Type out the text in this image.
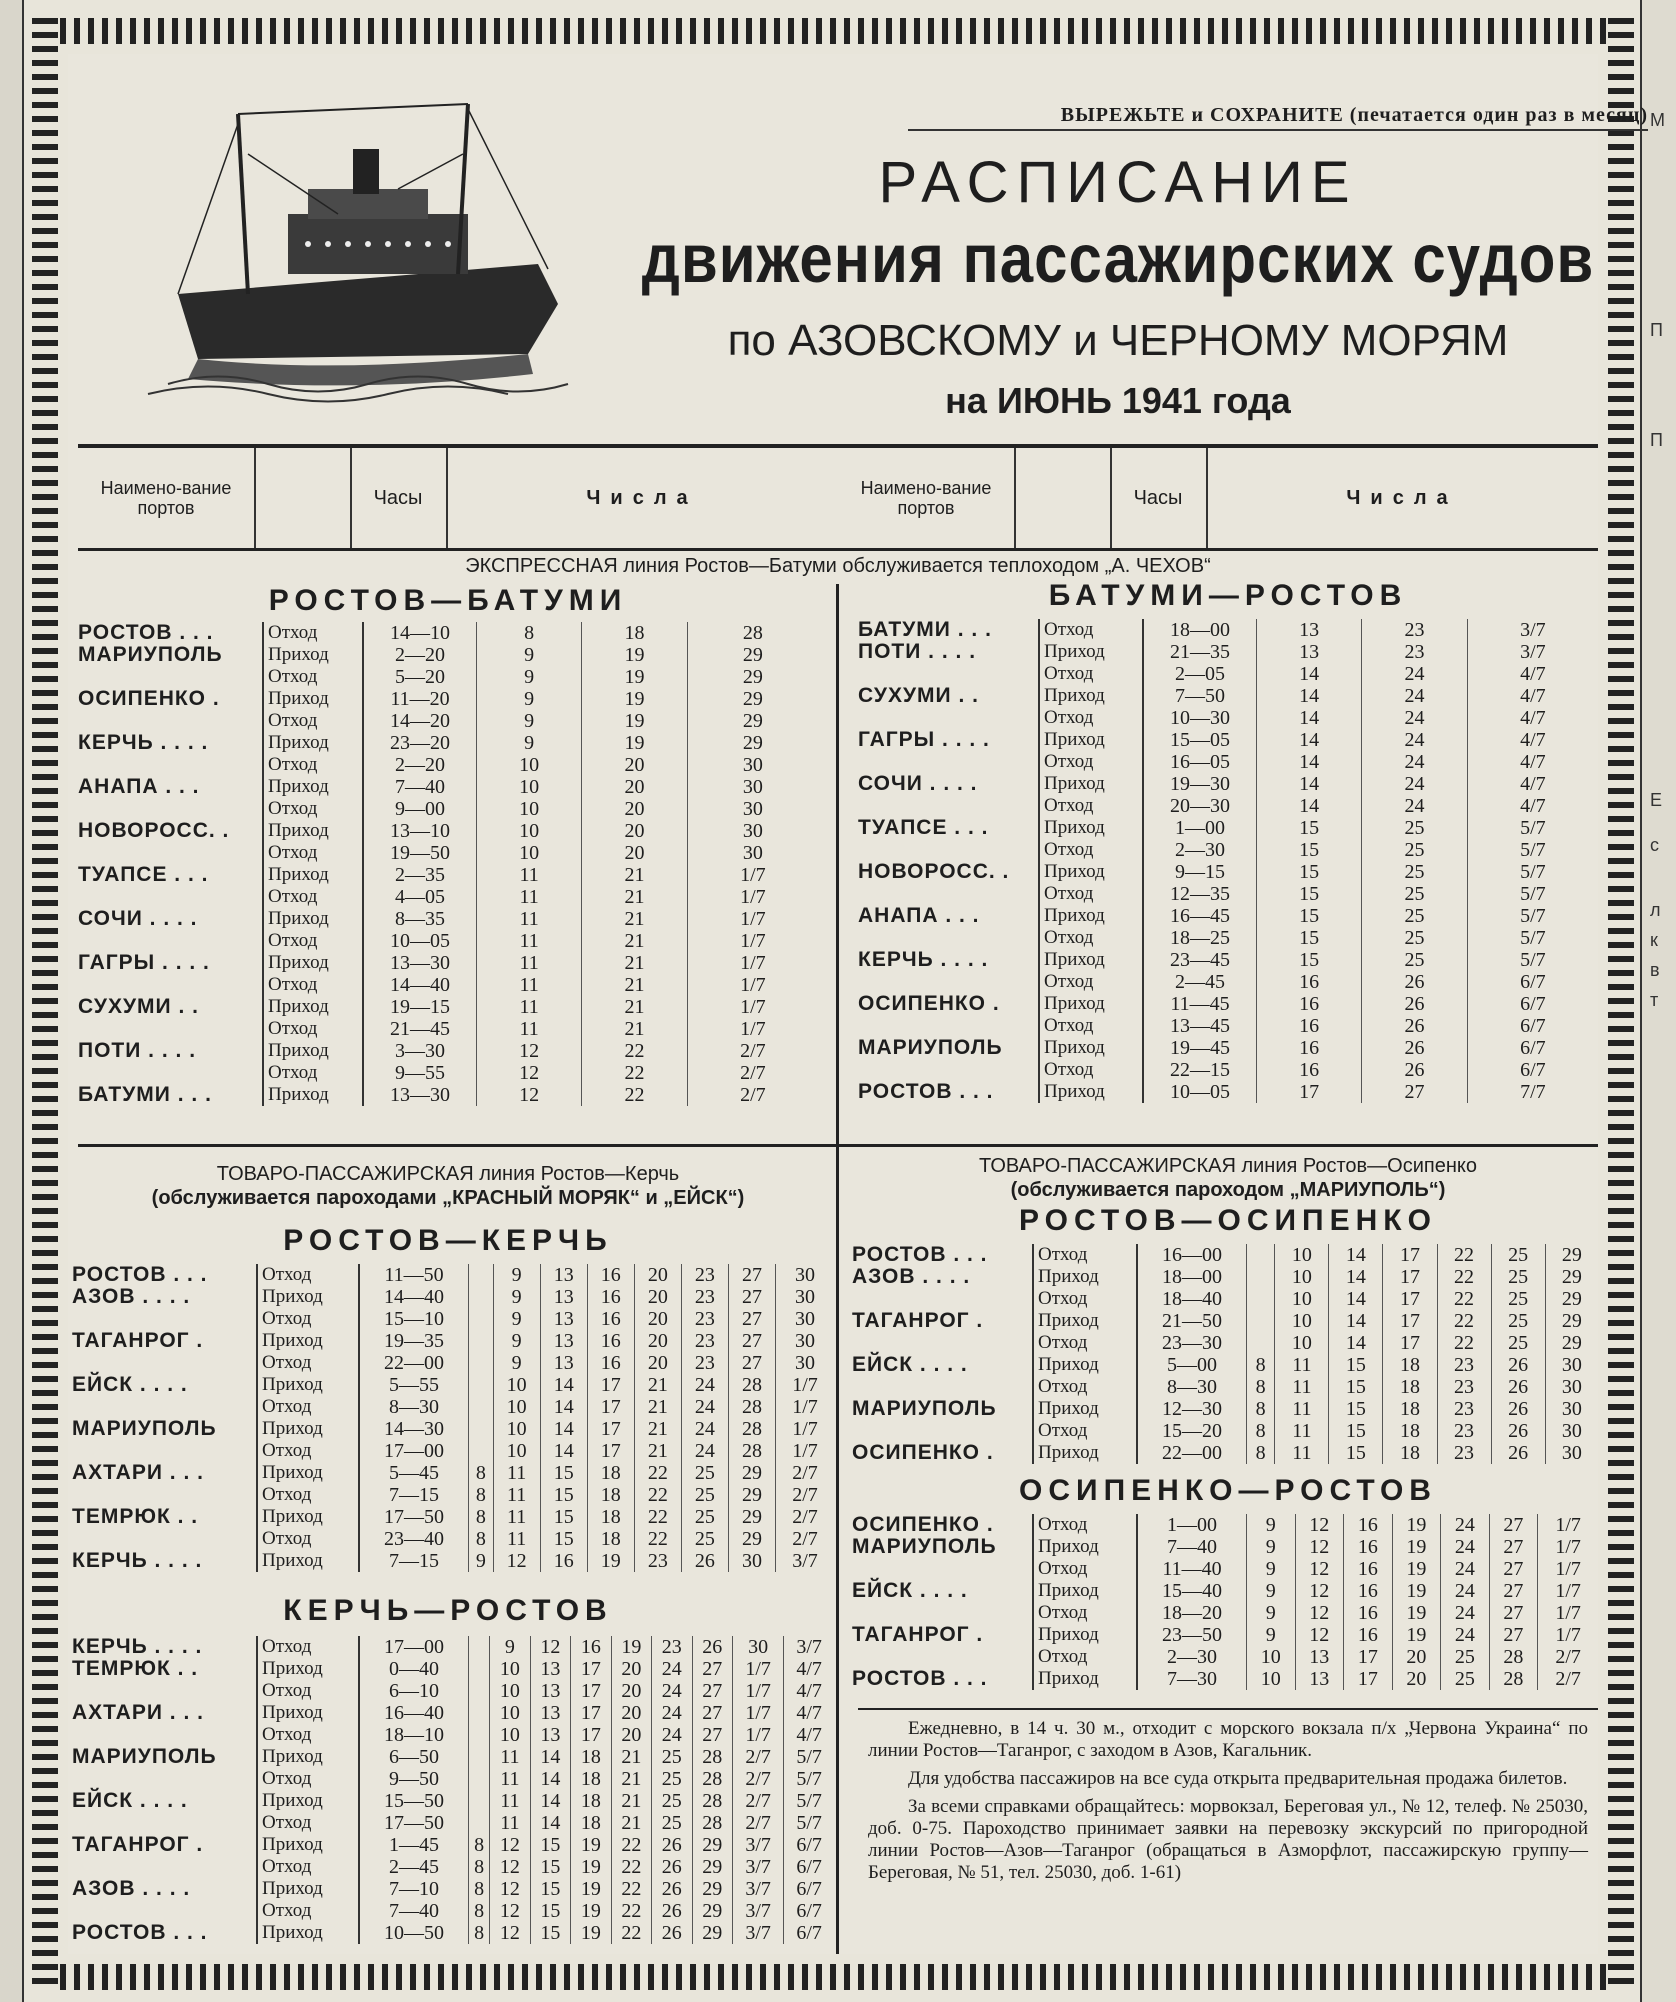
М
П
П
Е
с
л
к
в
т
ВЫРЕЖЬТЕ и СОХРАНИТЕ (печатается один раз в месяц)
РАСПИСАНИЕ
движения пассажирских судов
по АЗОВСКОМУ и ЧЕРНОМУ МОРЯМ
на ИЮНЬ 1941 года
Наимено-вание портов	Часы	Числа	Наимено-вание портов	Часы	Числа
ЭКСПРЕССНАЯ линия Ростов—Батуми обслуживается теплоходом „А. ЧЕХОВ“
РОСТОВ—БАТУМИ	БАТУМИ—РОСТОВ
РОСТОВ . . .	Отход	14—10	8	18	28
МАРИУПОЛЬ	Приход	2—20	9	19	29
	Отход	5—20	9	19	29
ОСИПЕНКО .	Приход	11—20	9	19	29
	Отход	14—20	9	19	29
КЕРЧЬ . . . .	Приход	23—20	9	19	29
	Отход	2—20	10	20	30
АНАПА . . .	Приход	7—40	10	20	30
	Отход	9—00	10	20	30
НОВОРОСС. .	Приход	13—10	10	20	30
	Отход	19—50	10	20	30
ТУАПСЕ . . .	Приход	2—35	11	21	1/7
	Отход	4—05	11	21	1/7
СОЧИ . . . .	Приход	8—35	11	21	1/7
	Отход	10—05	11	21	1/7
ГАГРЫ . . . .	Приход	13—30	11	21	1/7
	Отход	14—40	11	21	1/7
СУХУМИ . .	Приход	19—15	11	21	1/7
	Отход	21—45	11	21	1/7
ПОТИ . . . .	Приход	3—30	12	22	2/7
	Отход	9—55	12	22	2/7
БАТУМИ . . .	Приход	13—30	12	22	2/7
БАТУМИ . . .	Отход	18—00	13	23	3/7
ПОТИ . . . .	Приход	21—35	13	23	3/7
	Отход	2—05	14	24	4/7
СУХУМИ . .	Приход	7—50	14	24	4/7
	Отход	10—30	14	24	4/7
ГАГРЫ . . . .	Приход	15—05	14	24	4/7
	Отход	16—05	14	24	4/7
СОЧИ . . . .	Приход	19—30	14	24	4/7
	Отход	20—30	14	24	4/7
ТУАПСЕ . . .	Приход	1—00	15	25	5/7
	Отход	2—30	15	25	5/7
НОВОРОСС. .	Приход	9—15	15	25	5/7
	Отход	12—35	15	25	5/7
АНАПА . . .	Приход	16—45	15	25	5/7
	Отход	18—25	15	25	5/7
КЕРЧЬ . . . .	Приход	23—45	15	25	5/7
	Отход	2—45	16	26	6/7
ОСИПЕНКО .	Приход	11—45	16	26	6/7
	Отход	13—45	16	26	6/7
МАРИУПОЛЬ	Приход	19—45	16	26	6/7
	Отход	22—15	16	26	6/7
РОСТОВ . . .	Приход	10—05	17	27	7/7
ТОВАРО-ПАССАЖИРСКАЯ линия Ростов—Керчь
(обслуживается пароходами „КРАСНЫЙ МОРЯК“ и „ЕЙСК“)
РОСТОВ—КЕРЧЬ
РОСТОВ . . .	Отход	11—50		9	13	16	20	23	27	30
АЗОВ . . . .	Приход	14—40		9	13	16	20	23	27	30
	Отход	15—10		9	13	16	20	23	27	30
ТАГАНРОГ .	Приход	19—35		9	13	16	20	23	27	30
	Отход	22—00		9	13	16	20	23	27	30
ЕЙСК . . . .	Приход	5—55		10	14	17	21	24	28	1/7
	Отход	8—30		10	14	17	21	24	28	1/7
МАРИУПОЛЬ	Приход	14—30		10	14	17	21	24	28	1/7
	Отход	17—00		10	14	17	21	24	28	1/7
АХТАРИ . . .	Приход	5—45	8	11	15	18	22	25	29	2/7
	Отход	7—15	8	11	15	18	22	25	29	2/7
ТЕМРЮК . .	Приход	17—50	8	11	15	18	22	25	29	2/7
	Отход	23—40	8	11	15	18	22	25	29	2/7
КЕРЧЬ . . . .	Приход	7—15	9	12	16	19	23	26	30	3/7
КЕРЧЬ—РОСТОВ
КЕРЧЬ . . . .	Отход	17—00		9	12	16	19	23	26	30	3/7
ТЕМРЮК . .	Приход	0—40		10	13	17	20	24	27	1/7	4/7
	Отход	6—10		10	13	17	20	24	27	1/7	4/7
АХТАРИ . . .	Приход	16—40		10	13	17	20	24	27	1/7	4/7
	Отход	18—10		10	13	17	20	24	27	1/7	4/7
МАРИУПОЛЬ	Приход	6—50		11	14	18	21	25	28	2/7	5/7
	Отход	9—50		11	14	18	21	25	28	2/7	5/7
ЕЙСК . . . .	Приход	15—50		11	14	18	21	25	28	2/7	5/7
	Отход	17—50		11	14	18	21	25	28	2/7	5/7
ТАГАНРОГ .	Приход	1—45	8	12	15	19	22	26	29	3/7	6/7
	Отход	2—45	8	12	15	19	22	26	29	3/7	6/7
АЗОВ . . . .	Приход	7—10	8	12	15	19	22	26	29	3/7	6/7
	Отход	7—40	8	12	15	19	22	26	29	3/7	6/7
РОСТОВ . . .	Приход	10—50	8	12	15	19	22	26	29	3/7	6/7
ТОВАРО-ПАССАЖИРСКАЯ линия Ростов—Осипенко
(обслуживается пароходом „МАРИУПОЛЬ“)
РОСТОВ—ОСИПЕНКО
РОСТОВ . . .	Отход	16—00		10	14	17	22	25	29
АЗОВ . . . .	Приход	18—00		10	14	17	22	25	29
	Отход	18—40		10	14	17	22	25	29
ТАГАНРОГ .	Приход	21—50		10	14	17	22	25	29
	Отход	23—30		10	14	17	22	25	29
ЕЙСК . . . .	Приход	5—00	8	11	15	18	23	26	30
	Отход	8—30	8	11	15	18	23	26	30
МАРИУПОЛЬ	Приход	12—30	8	11	15	18	23	26	30
	Отход	15—20	8	11	15	18	23	26	30
ОСИПЕНКО .	Приход	22—00	8	11	15	18	23	26	30
ОСИПЕНКО—РОСТОВ
ОСИПЕНКО .	Отход	1—00	9	12	16	19	24	27	1/7
МАРИУПОЛЬ	Приход	7—40	9	12	16	19	24	27	1/7
	Отход	11—40	9	12	16	19	24	27	1/7
ЕЙСК . . . .	Приход	15—40	9	12	16	19	24	27	1/7
	Отход	18—20	9	12	16	19	24	27	1/7
ТАГАНРОГ .	Приход	23—50	9	12	16	19	24	27	1/7
	Отход	2—30	10	13	17	20	25	28	2/7
РОСТОВ . . .	Приход	7—30	10	13	17	20	25	28	2/7

Ежедневно, в 14 ч. 30 м., отходит с морского вокзала п/х „Червона Украина“ по линии Ростов—Таганрог, с заходом в Азов, Кагальник.

Для удобства пассажиров на все суда открыта предварительная продажа билетов.

За всеми справками обращайтесь: морвокзал, Береговая ул., № 12, телеф. № 25030, доб. 0-75. Пароходство принимает заявки на перевозку экскурсий по пригородной линии Ростов—Азов—Таганрог (обращаться в Азморфлот, пассажирскую группу—Береговая, № 51, тел. 25030, доб. 1-61)
